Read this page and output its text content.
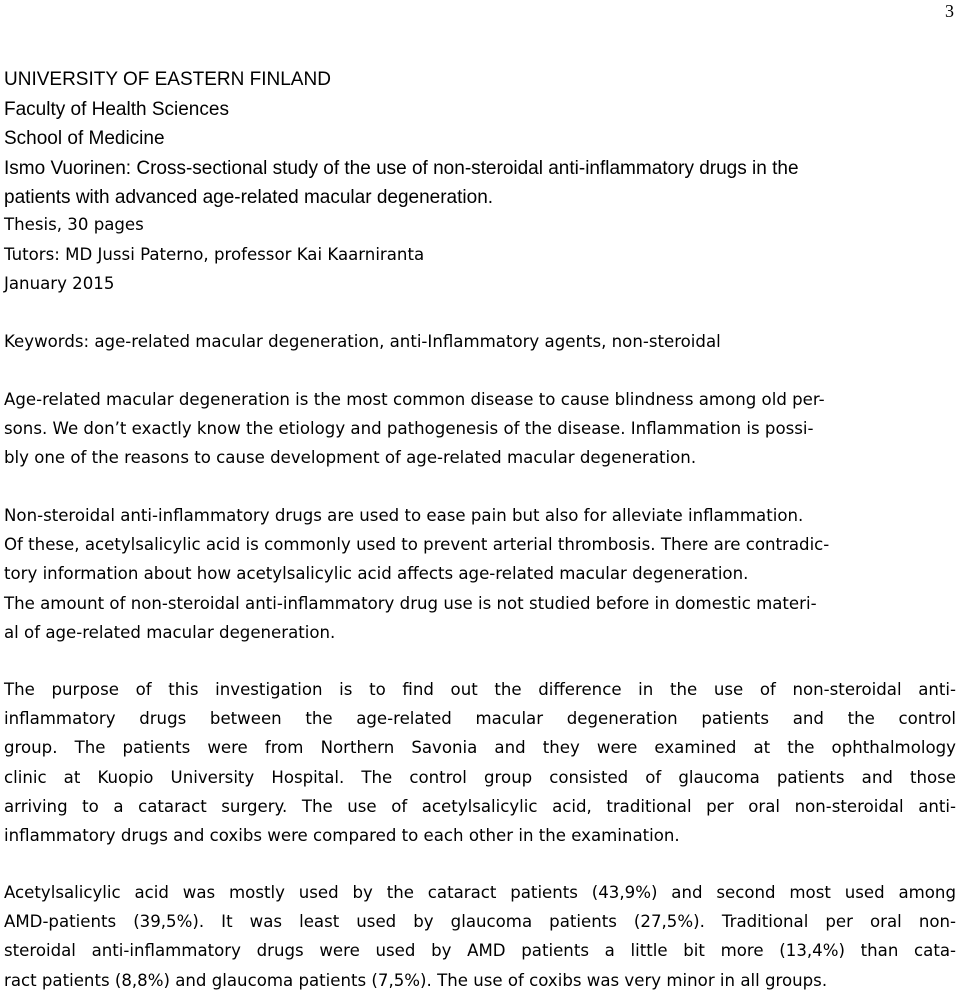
3
UNIVERSITY OF EASTERN FINLAND
Faculty of Health Sciences
School of Medicine
Ismo Vuorinen: Cross-sectional study of the use of non-steroidal anti-inflammatory drugs in the
patients with advanced age-related macular degeneration.
Thesis, 30 pages
Tutors: MD Jussi Paterno, professor Kai Kaarniranta
January 2015
Keywords: age-related macular degeneration, anti-Inflammatory agents, non-steroidal
Age-related macular degeneration is the most common disease to cause blindness among old per-
sons. We don’t exactly know the etiology and pathogenesis of the disease. Inflammation is possi-
bly one of the reasons to cause development of age-related macular degeneration.
Non-steroidal anti-inflammatory drugs are used to ease pain but also for alleviate inflammation.
Of these, acetylsalicylic acid is commonly used to prevent arterial thrombosis. There are contradic-
tory information about how acetylsalicylic acid affects age-related macular degeneration.
The amount of non-steroidal anti-inflammatory drug use is not studied before in domestic materi-
al of age-related macular degeneration.
The purpose of this investigation is to find out the difference in the use of non-steroidal anti-
inflammatory drugs between the age-related macular degeneration patients and the control
group. The patients were from Northern Savonia and they were examined at the ophthalmology
clinic at Kuopio University Hospital. The control group consisted of glaucoma patients and those
arriving to a cataract surgery. The use of acetylsalicylic acid, traditional per oral non-steroidal anti-
inflammatory drugs and coxibs were compared to each other in the examination.
Acetylsalicylic acid was mostly used by the cataract patients (43,9%) and second most used among
AMD-patients (39,5%). It was least used by glaucoma patients (27,5%). Traditional per oral non-
steroidal anti-inflammatory drugs were used by AMD patients a little bit more (13,4%) than cata-
ract patients (8,8%) and glaucoma patients (7,5%). The use of coxibs was very minor in all groups.
